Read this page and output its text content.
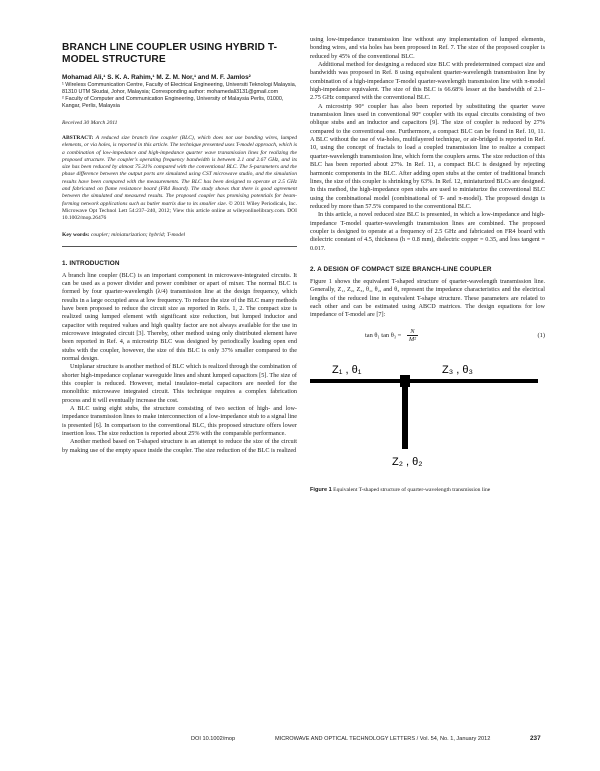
BRANCH LINE COUPLER USING HYBRID T-MODEL STRUCTURE
Mohamad Ali,¹ S. K. A. Rahim,¹ M. Z. M. Nor,¹ and M. F. Jamlos²
¹ Wireless Communication Centre, Faculty of Electrical Engineering, Universiti Teknologi Malaysia, 81310 UTM Skudai, Johor, Malaysia; Corresponding author: mohamedali3131@gmail.com
² Faculty of Computer and Communication Engineering, University of Malaysia Perlis, 01000, Kangar, Perlis, Malaysia
Received 30 March 2011
ABSTRACT: A reduced size branch line coupler (BLC), which does not use bonding wires, lumped elements, or via holes, is reported in this article. The technique presented uses T-model approach, which is a combination of low-impedance and high-impedance quarter wave transmission lines for realizing the proposed structure. The coupler's operating frequency bandwidth is between 2.1 and 2.67 GHz, and its size has been reduced by almost 75.31% compared with the conventional BLC. The S-parameters and the phase difference between the output ports are simulated using CST microwave studio, and the simulation results have been compared with the measurements. The BLC has been designed to operate at 2.5 GHz and fabricated on flame resistance board (FR4 Board). The study shows that there is good agreement between the simulated and measured results. The proposed coupler has promising potentials for beam-forming network applications such as butler matrix due to its smaller size. © 2011 Wiley Periodicals, Inc. Microwave Opt Technol Lett 54:237–240, 2012; View this article online at wileyonlinelibrary.com. DOI 10.1002/mop.26476
Key words: coupler; miniaturization; hybrid; T-model
1. INTRODUCTION

A branch line coupler (BLC) is an important component in microwave-integrated circuits. It can be used as a power divider and power combiner or apart of mixer. The normal BLC is formed by four quarter-wavelength (λ/4) transmission line at the design frequency, which results in a large occupied area at low frequency. To reduce the size of the BLC many methods have been proposed to reduce the circuit size as reported in Refs. 1, 2. The compact size is realized using lumped element with significant size reduction, but lumped inductor and capacitor with required values and high quality factor are not always available for the use in microwave integrated circuit [3]. Thereby, other method using only distributed element have been reported in Ref. 4, a microstrip BLC was designed by periodically loading open end stubs with the coupler, however, the size of this BLC is only 37% smaller compared to the normal design.

Uniplanar structure is another method of BLC which is realized through the combination of shorter high-impedance coplanar waveguide lines and shunt lumped capacitors [5]. The size of this coupler is reduced. However, metal insulator–metal capacitors are needed for the monolithic microwave integrated circuit. This technique requires a complex fabrication process and it will eventually increase the cost.

A BLC using eight stubs, the structure consisting of two section of high- and low-impedance transmission lines to make interconnection of a low-impedance stub to a signal line is presented [6]. In comparison to the conventional BLC, this proposed structure offers lower insertion loss. The size reduction is reported about 25% with the comparable performance.

Another method based on T-shaped structure is an attempt to reduce the size of the circuit by making use of the empty space inside the coupler. The size reduction of the BLC is realized

using low-impedance transmission line without any implementation of lumped elements, bonding wires, and via holes has been proposed in Ref. 7. The size of the proposed coupler is reduced by 45% of the conventional BLC.

Additional method for designing a reduced size BLC with predetermined compact size and bandwidth was proposed in Ref. 8 using equivalent quarter-wavelength transmission line by combination of a high-impedance T-model quarter-wavelength transmission line with π-model high-impedance equivalent. The size of this BLC is 66.68% lesser at the bandwidth of 2.1–2.75 GHz compared with the conventional BLC.

A microstrip 90° coupler has also been reported by substituting the quarter wave transmission lines used in conventional 90° coupler with its equal circuits consisting of two oblique stubs and an inductor and capacitors [9]. The size of coupler is reduced by 27% compared to the conventional one. Furthermore, a compact BLC can be found in Ref. 10, 11. A BLC without the use of via-holes, multilayered technique, or air-bridged is reported in Ref. 10, using the concept of fractals to load a coupled transmission line to realize a compact quarter-wavelength transmission line, which form the couplers arms. The size reduction of this BLC has been reported about 27%. In Ref. 11, a compact BLC is designed by rejecting harmonic components in the BLC. After adding open stubs at the center of traditional branch lines, the size of this coupler is shrinking by 63%. In Ref. 12, miniaturized BLCs are designed. In this method, the high-impedance open stubs are used to miniaturize the conventional BLC using the combinational model (combinational of T- and π-model). The proposed design is reduced by more than 57.5% compared to the conventional BLC.

In this article, a novel reduced size BLC is presented, in which a low-impedance and high-impedance T-model quarter-wavelength transmission lines are combined. The proposed coupler is designed to operate at a frequency of 2.5 GHz and fabricated on FR4 board with dielectric constant of 4.5, thickness (h = 0.8 mm), dielectric copper = 0.35, and loss tangent = 0.017.

2. A DESIGN OF COMPACT SIZE BRANCH-LINE COUPLER

Figure 1 shows the equivalent T-shaped structure of quarter-wavelength transmission line. Generally, Z₁, Z₂, Z₃, θ₁, θ₂, and θ₃ represent the impedance characteristics and the electrical lengths of the reduced line in equivalent T-shape structure. These parameters are related to each other and can be estimated using ABCD matrices. The design equations for low impedance of T-model are [7]:

tan θ₁ $\tan \theta_3 = \frac{N}{\text{M²}}$	(1)
Z₁ , θ₁	Z₃ , θ₃
Z₂ , θ₂
Figure 1 Equivalent T-shaped structure of quarter-wavelength transmission line
DOI 10.1002/mop	MICROWAVE AND OPTICAL TECHNOLOGY LETTERS / Vol. 54, No. 1, January 2012	237
